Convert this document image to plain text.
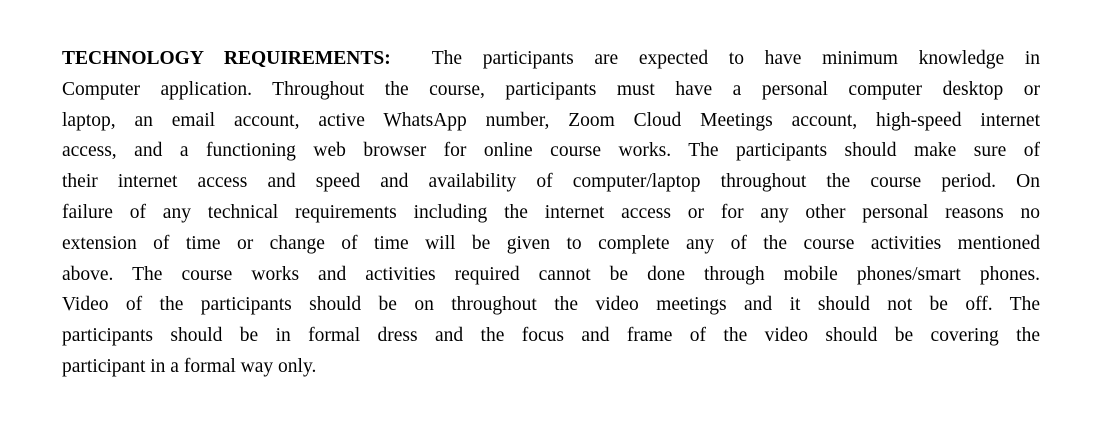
TECHNOLOGY REQUIREMENTS: The participants are expected to have minimum knowledge in
Computer application. Throughout the course, participants must have a personal computer desktop or
laptop, an email account, active WhatsApp number, Zoom Cloud Meetings account, high-speed internet
access, and a functioning web browser for online course works. The participants should make sure of
their internet access and speed and availability of computer/laptop throughout the course period. On
failure of any technical requirements including the internet access or for any other personal reasons no
extension of time or change of time will be given to complete any of the course activities mentioned
above. The course works and activities required cannot be done through mobile phones/smart phones.
Video of the participants should be on throughout the video meetings and it should not be off. The
participants should be in formal dress and the focus and frame of the video should be covering the
participant in a formal way only.
